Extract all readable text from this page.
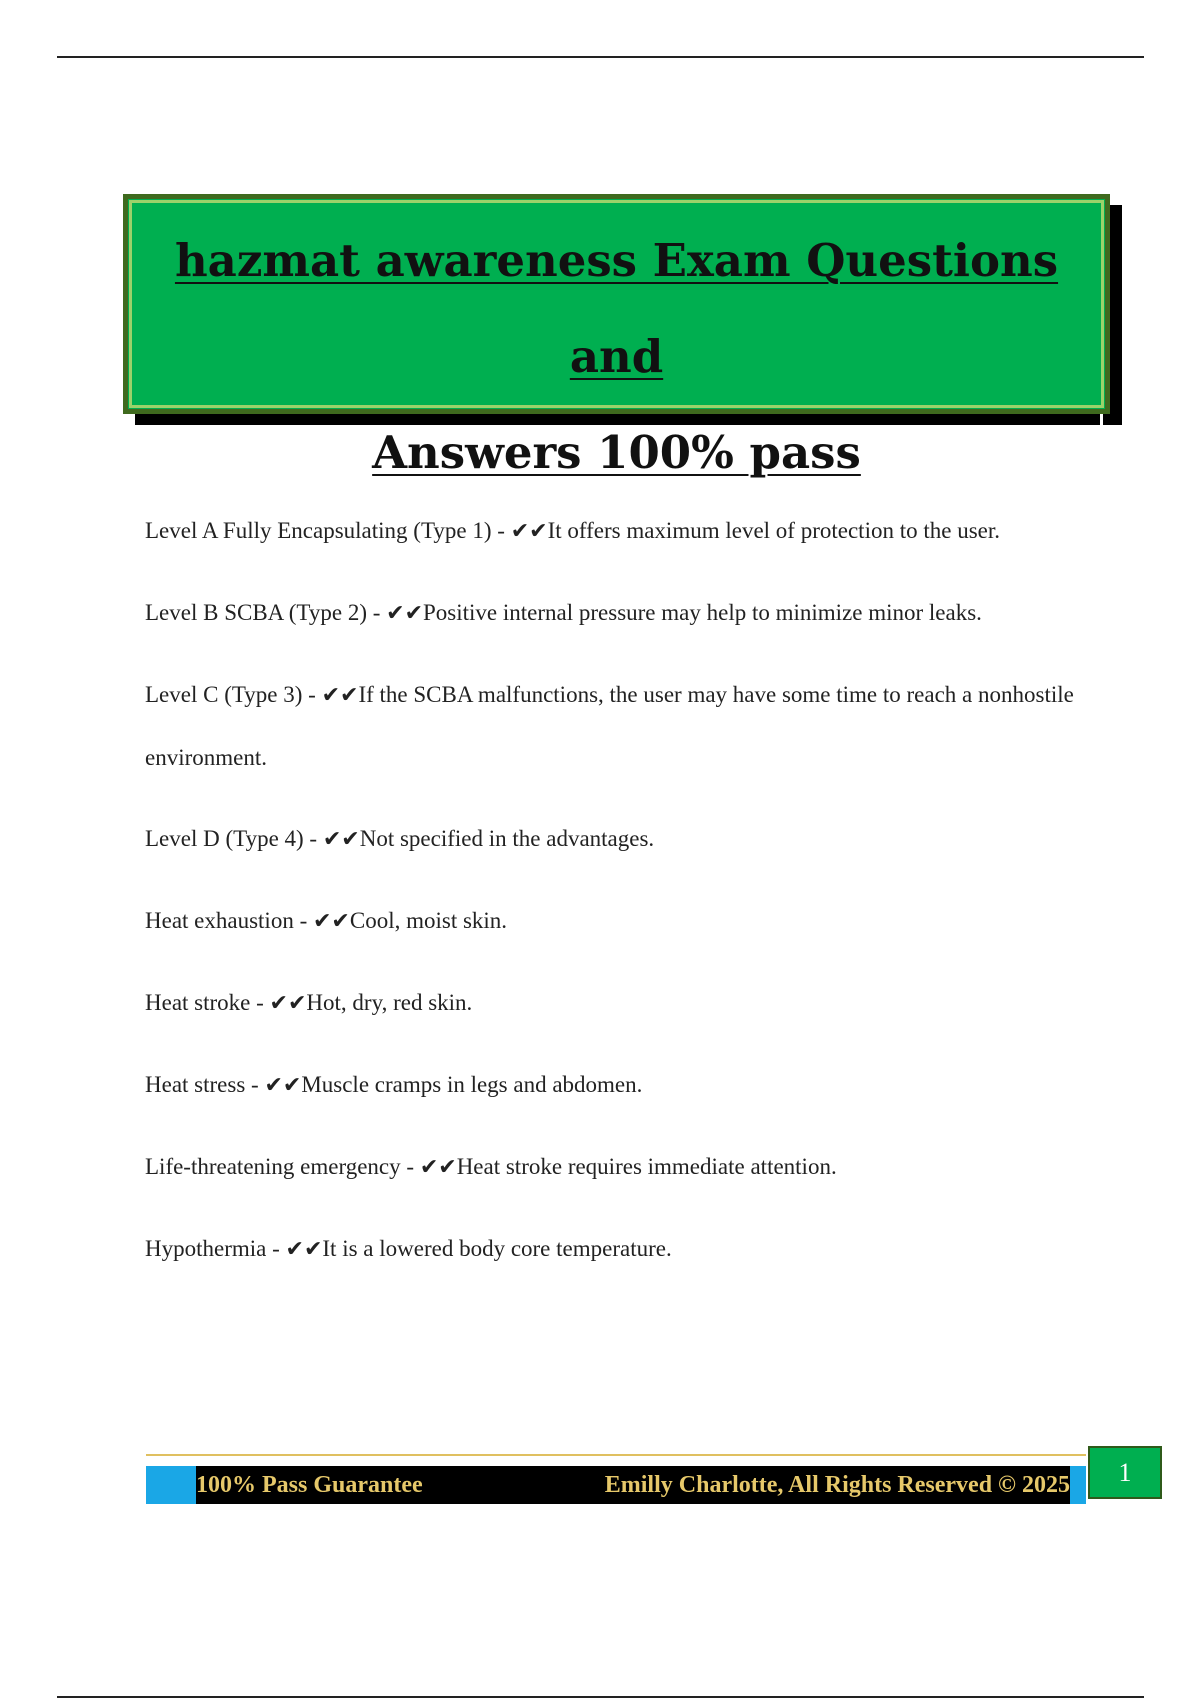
hazmat awareness Exam Questions and
Answers 100% pass

Level A Fully Encapsulating (Type 1) - ✔✔It offers maximum level of protection to the user.

Level B SCBA (Type 2) - ✔✔Positive internal pressure may help to minimize minor leaks.

Level C (Type 3) - ✔✔If the SCBA malfunctions, the user may have some time to reach a nonhostile environment.

Level D (Type 4) - ✔✔Not specified in the advantages.

Heat exhaustion - ✔✔Cool, moist skin.

Heat stroke - ✔✔Hot, dry, red skin.

Heat stress - ✔✔Muscle cramps in legs and abdomen.

Life-threatening emergency - ✔✔Heat stroke requires immediate attention.

Hypothermia - ✔✔It is a lowered body core temperature.

100% Pass Guarantee	Emilly Charlotte, All Rights Reserved © 2025	1
